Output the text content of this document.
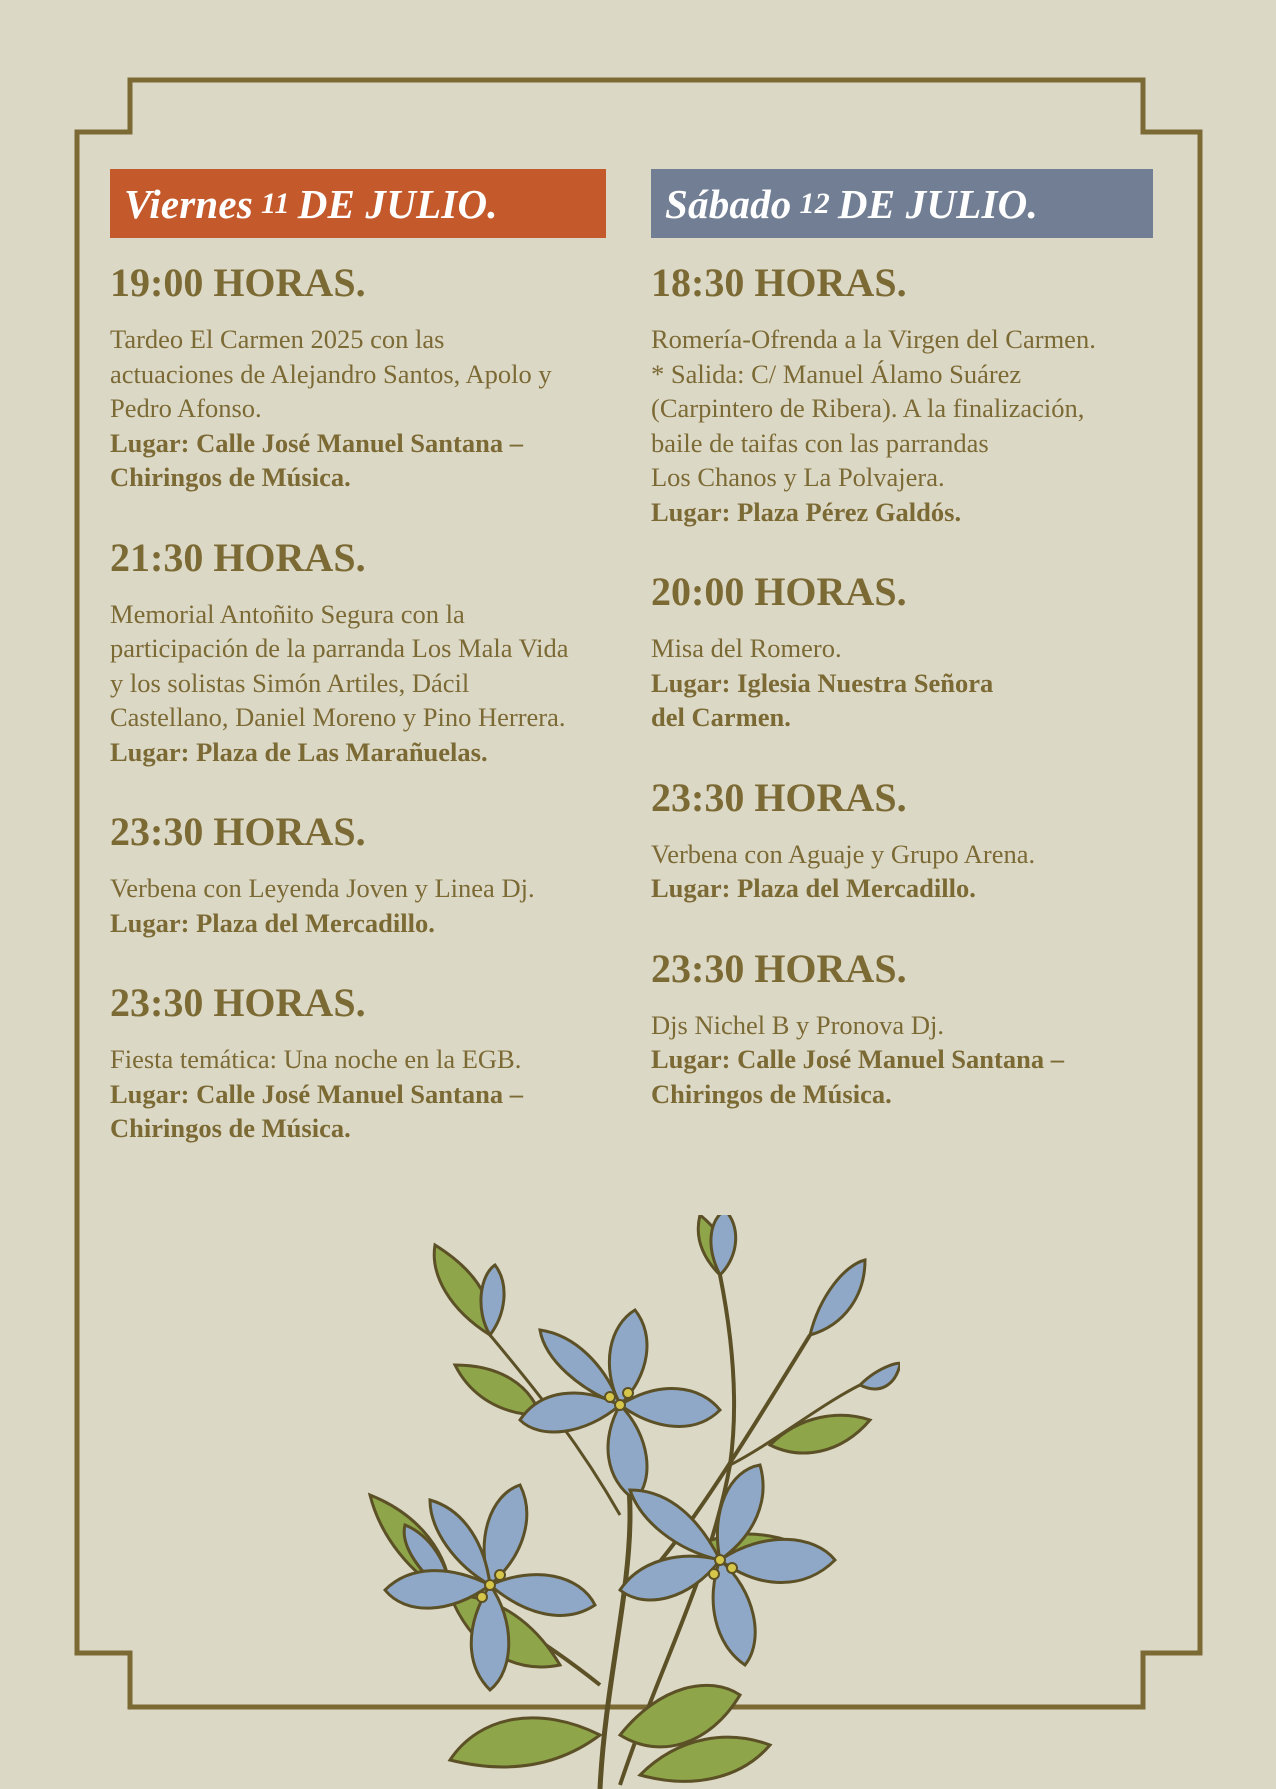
Viernes 11 DE JULIO.
19:00 HORAS.
Tardeo El Carmen 2025 con las
actuaciones de Alejandro Santos, Apolo y
Pedro Afonso.
Lugar: Calle José Manuel Santana –
Chiringos de Música.
21:30 HORAS.
Memorial Antoñito Segura con la
participación de la parranda Los Mala Vida
y los solistas Simón Artiles, Dácil
Castellano, Daniel Moreno y Pino Herrera.
Lugar: Plaza de Las Marañuelas.
23:30 HORAS.
Verbena con Leyenda Joven y Linea Dj.
Lugar: Plaza del Mercadillo.
23:30 HORAS.
Fiesta temática: Una noche en la EGB.
Lugar: Calle José Manuel Santana –
Chiringos de Música.
Sábado 12 DE JULIO.
18:30 HORAS.
Romería-Ofrenda a la Virgen del Carmen.
* Salida: C/ Manuel Álamo Suárez
(Carpintero de Ribera). A la finalización,
baile de taifas con las parrandas
Los Chanos y La Polvajera.
Lugar: Plaza Pérez Galdós.
20:00 HORAS.
Misa del Romero.
Lugar: Iglesia Nuestra Señora
del Carmen.
23:30 HORAS.
Verbena con Aguaje y Grupo Arena.
Lugar: Plaza del Mercadillo.
23:30 HORAS.
Djs Nichel B y Pronova Dj.
Lugar: Calle José Manuel Santana –
Chiringos de Música.
